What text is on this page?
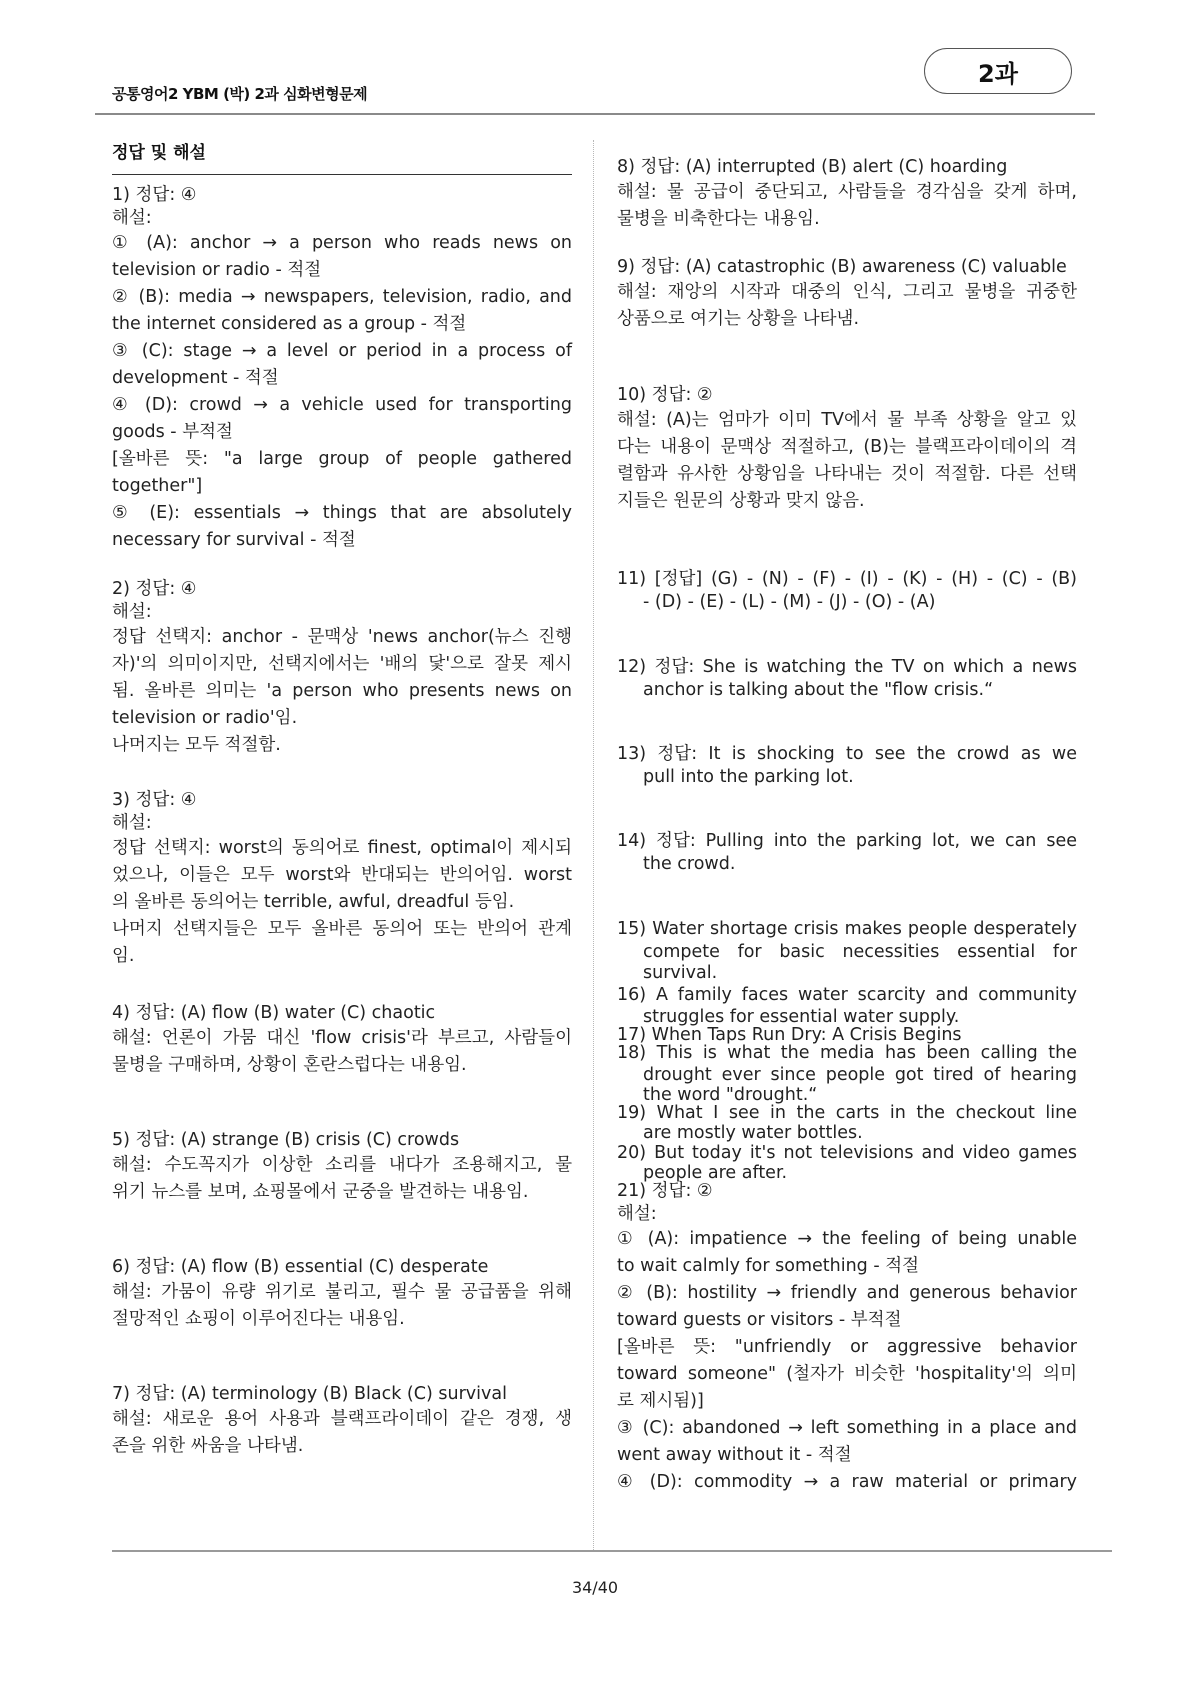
공통영어2 YBM (박) 2과 심화변형문제
2과
정답 및 해설
1) 정답: ④
해설:
① (A): anchor → a person who reads news on
television or radio - 적절
② (B): media → newspapers, television, radio, and
the internet considered as a group - 적절
③ (C): stage → a level or period in a process of
development - 적절
④ (D): crowd → a vehicle used for transporting
goods - 부적절
[올바른 뜻: "a large group of people gathered
together"]
⑤ (E): essentials → things that are absolutely
necessary for survival - 적절
2) 정답: ④
해설:
정답 선택지: anchor - 문맥상 'news anchor(뉴스 진행
자)'의 의미이지만, 선택지에서는 '배의 닻'으로 잘못 제시
됨. 올바른 의미는 'a person who presents news on
television or radio'임.
나머지는 모두 적절함.
3) 정답: ④
해설:
정답 선택지: worst의 동의어로 finest, optimal이 제시되
었으나, 이들은 모두 worst와 반대되는 반의어임. worst
의 올바른 동의어는 terrible, awful, dreadful 등임.
나머지 선택지들은 모두 올바른 동의어 또는 반의어 관계
임.
4) 정답: (A) flow (B) water (C) chaotic
해설: 언론이 가뭄 대신 'flow crisis'라 부르고, 사람들이
물병을 구매하며, 상황이 혼란스럽다는 내용임.
5) 정답: (A) strange (B) crisis (C) crowds
해설: 수도꼭지가 이상한 소리를 내다가 조용해지고, 물
위기 뉴스를 보며, 쇼핑몰에서 군중을 발견하는 내용임.
6) 정답: (A) flow (B) essential (C) desperate
해설: 가뭄이 유량 위기로 불리고, 필수 물 공급품을 위해
절망적인 쇼핑이 이루어진다는 내용임.
7) 정답: (A) terminology (B) Black (C) survival
해설: 새로운 용어 사용과 블랙프라이데이 같은 경쟁, 생
존을 위한 싸움을 나타냄.
8) 정답: (A) interrupted (B) alert (C) hoarding
해설: 물 공급이 중단되고, 사람들을 경각심을 갖게 하며,
물병을 비축한다는 내용임.
9) 정답: (A) catastrophic (B) awareness (C) valuable
해설: 재앙의 시작과 대중의 인식, 그리고 물병을 귀중한
상품으로 여기는 상황을 나타냄.
10) 정답: ②
해설: (A)는 엄마가 이미 TV에서 물 부족 상황을 알고 있
다는 내용이 문맥상 적절하고, (B)는 블랙프라이데이의 격
렬함과 유사한 상황임을 나타내는 것이 적절함. 다른 선택
지들은 원문의 상황과 맞지 않음.
11) [정답] (G) - (N) - (F) - (I) - (K) - (H) - (C) - (B)
- (D) - (E) - (L) - (M) - (J) - (O) - (A)
12) 정답: She is watching the TV on which a news
anchor is talking about the "flow crisis.“
13) 정답: It is shocking to see the crowd as we
pull into the parking lot.
14) 정답: Pulling into the parking lot, we can see
the crowd.
15) Water shortage crisis makes people desperately
compete for basic necessities essential for
survival.
16) A family faces water scarcity and community
struggles for essential water supply.
17) When Taps Run Dry: A Crisis Begins
18) This is what the media has been calling the
drought ever since people got tired of hearing
the word "drought.“
19) What I see in the carts in the checkout line
are mostly water bottles.
20) But today it's not televisions and video games
people are after.
21) 정답: ②
해설:
① (A): impatience → the feeling of being unable
to wait calmly for something - 적절
② (B): hostility → friendly and generous behavior
toward guests or visitors - 부적절
[올바른 뜻: "unfriendly or aggressive behavior
toward someone" (철자가 비슷한 'hospitality'의 의미
로 제시됨)]
③ (C): abandoned → left something in a place and
went away without it - 적절
④ (D): commodity → a raw material or primary
34/40
